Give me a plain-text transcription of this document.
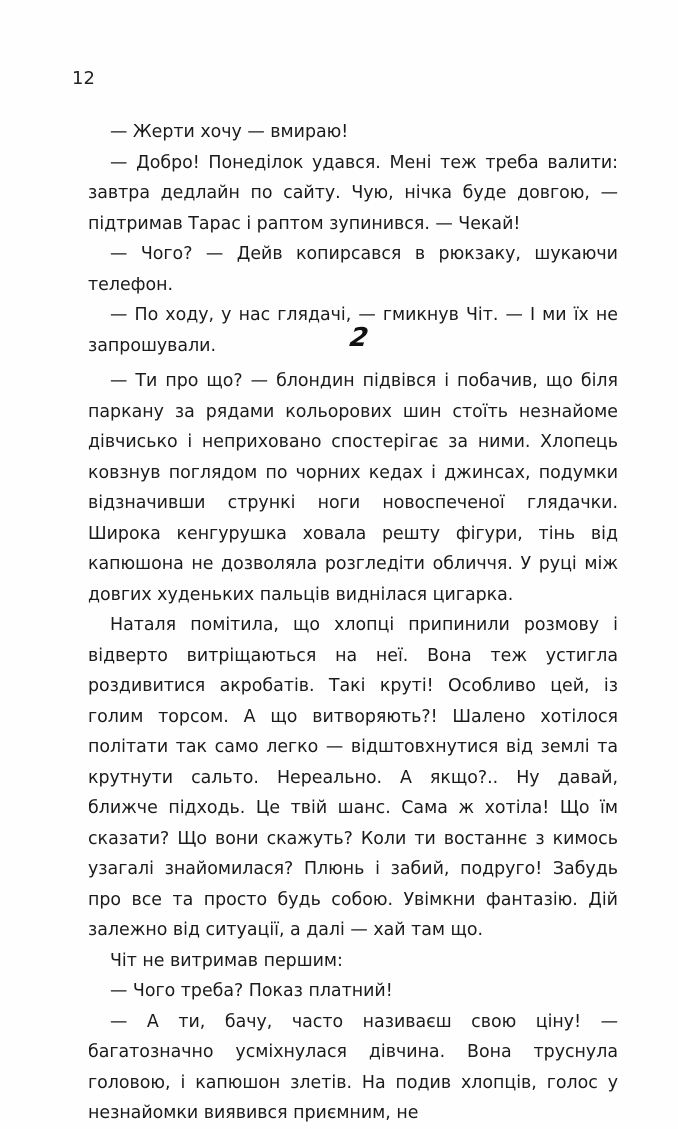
12

— Жерти хочу — вмираю!

— Добро! Понеділок удався. Мені теж треба валити: завтра дедлайн по сайту. Чую, нічка буде довгою, — підтримав Тарас і раптом зупинився. — Чекай!

— Чого? — Дейв копирсався в рюкзаку, шукаючи телефон.

— По ходу, у нас глядачі, — гмикнув Чіт. — І ми їх не запрошували.	2

— Ти про що? — блондин підвівся і побачив, що біля паркану за рядами кольорових шин стоїть незнайоме дівчисько і неприховано спостерігає за ними. Хлопець ковзнув поглядом по чорних кедах і джинсах, подумки відзначивши стрункі ноги новоспеченої глядачки. Широка кенгурушка ховала решту фігури, тінь від капюшона не дозволяла розгледіти обличчя. У руці між довгих худеньких пальців виднілася цигарка.

Наталя помітила, що хлопці припинили розмову і відверто витріщаються на неї. Вона теж устигла роздивитися акробатів. Такі круті! Особливо цей, із голим торсом. А що витворяють?! Шалено хотілося політати так само легко — відштовхнутися від землі та крутнути сальто. Нереально. А якщо?.. Ну давай, ближче підходь. Це твій шанс. Сама ж хотіла! Що їм сказати? Що вони скажуть? Коли ти востаннє з кимось узагалі знайомилася? Плюнь і забий, подруго! Забудь про все та просто будь собою. Увімкни фантазію. Дій залежно від ситуації, а далі — хай там що.

Чіт не витримав першим:

— Чого треба? Показ платний!

— А ти, бачу, часто називаєш свою ціну! — багатозначно усміхнулася дівчина. Вона труснула головою, і капюшон злетів. На подив хлопців, голос у незнайомки виявився приємним, не
